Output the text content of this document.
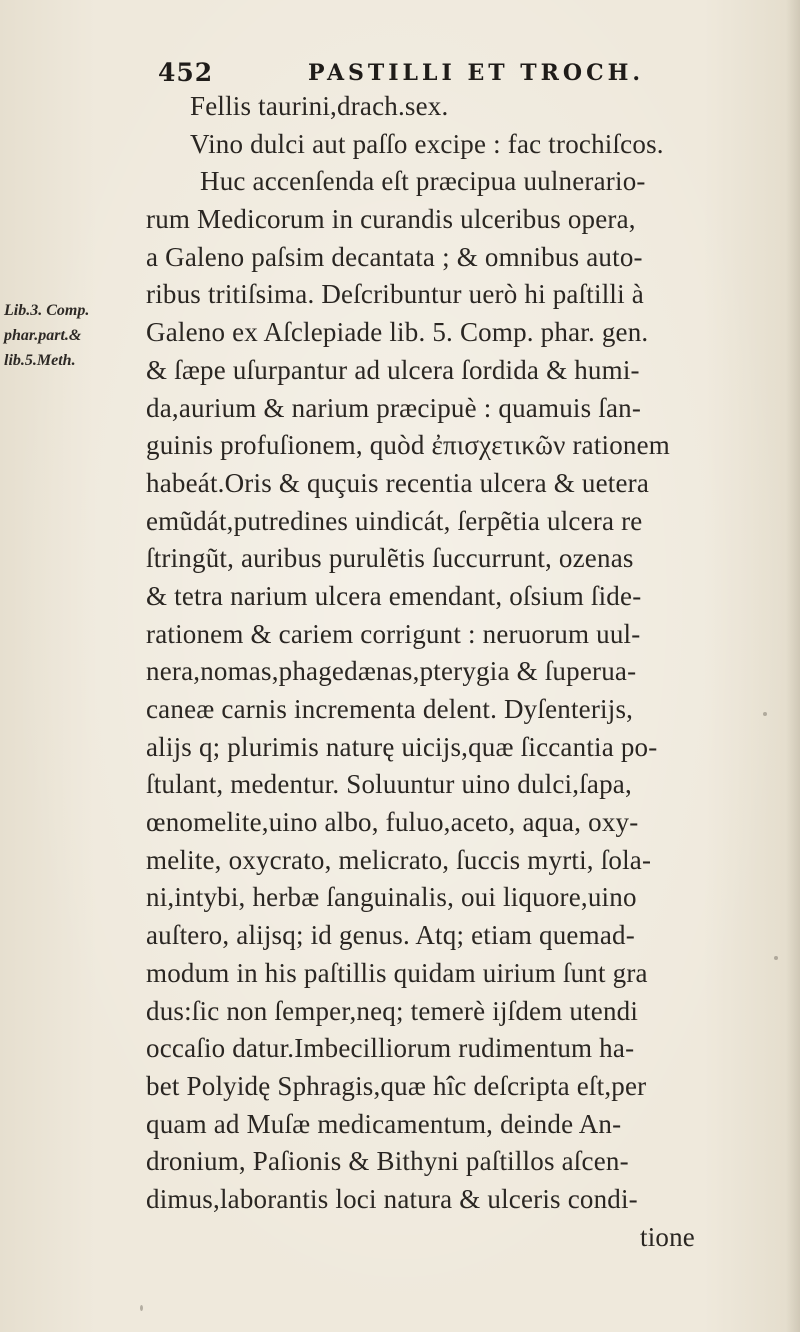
452	PASTILLI ET TROCH.
Lib.3. Comp.
phar.part.&
lib.5.Meth.
Fellis taurini,drach.sex.
Vino dulci aut paſſo excipe : fac trochiſcos.
Huc accenſenda eſt præcipua uulnerario-
rum Medicorum in curandis ulceribus opera,
a Galeno paſsim decantata ; & omnibus auto-
ribus tritiſsima. Deſcribuntur uerò hi paſtilli à
Galeno ex Aſclepiade lib. 5. Comp. phar. gen.
& ſæpe uſurpantur ad ulcera ſordida & humi-
da,aurium & narium præcipuè : quamuis ſan-
guinis profuſionem, quòd ἐπισχετικῶν rationem
habeát.Oris & quçuis recentia ulcera & uetera
emũdát,putredines uindicát, ſerpẽtia ulcera re
ſtringũt, auribus purulẽtis ſuccurrunt, ozenas
& tetra narium ulcera emendant, oſsium ſide-
rationem & cariem corrigunt : neruorum uul-
nera,nomas,phagedænas,pterygia & ſuperua-
caneæ carnis incrementa delent. Dyſenterijs,
alijs q; plurimis naturę uicijs,quæ ſiccantia po-
ſtulant, medentur. Soluuntur uino dulci,ſapa,
œnomelite,uino albo, fuluo,aceto, aqua, oxy-
melite, oxycrato, melicrato, ſuccis myrti, ſola-
ni,intybi, herbæ ſanguinalis, oui liquore,uino
auſtero, alijsq; id genus. Atq; etiam quemad-
modum in his paſtillis quidam uirium ſunt gra
dus:ſic non ſemper,neq; temerè ijſdem utendi
occaſio datur.Imbecilliorum rudimentum ha-
bet Polyidę Sphragis,quæ hîc deſcripta eſt,per
quam ad Muſæ medicamentum, deinde An-
dronium, Paſionis & Bithyni paſtillos aſcen-
dimus,laborantis loci natura & ulceris condi-
tione
